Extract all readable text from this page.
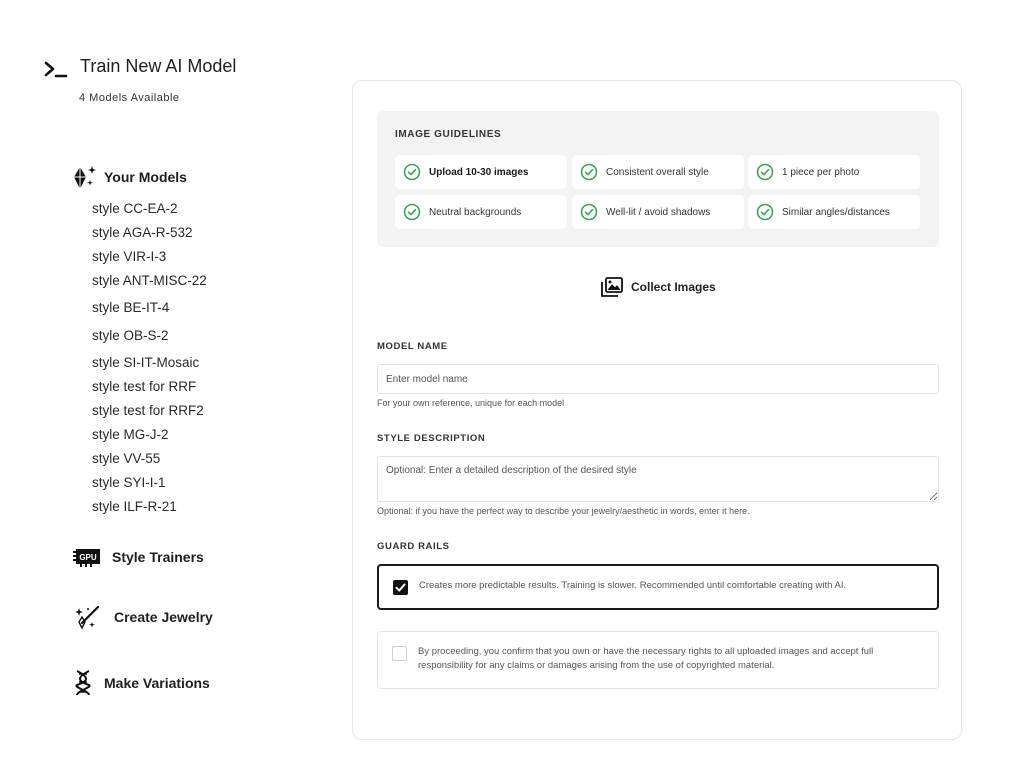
Train New AI Model
4 Models Available
Your Models
style CC-EA-2
style AGA-R-532
style VIR-I-3
style ANT-MISC-22
style BE-IT-4
style OB-S-2
style SI-IT-Mosaic
style test for RRF
style test for RRF2
style MG-J-2
style VV-55
style SYI-I-1
style ILF-R-21
GPU Style Trainers
Create Jewelry
Make Variations
IMAGE GUIDELINES
Upload 10-30 images	Consistent overall style	1 piece per photo
Neutral backgrounds	Well-lit / avoid shadows	Similar angles/distances
Collect Images
MODEL NAME
Enter model name
For your own reference, unique for each model
STYLE DESCRIPTION
Optional: Enter a detailed description of the desired style
Optional: if you have the perfect way to describe your jewelry/aesthetic in words, enter it here.
GUARD RAILS
Creates more predictable results. Training is slower. Recommended until comfortable creating with AI.
By proceeding, you confirm that you own or have the necessary rights to all uploaded images and accept full responsibility for any claims or damages arising from the use of copyrighted material.
